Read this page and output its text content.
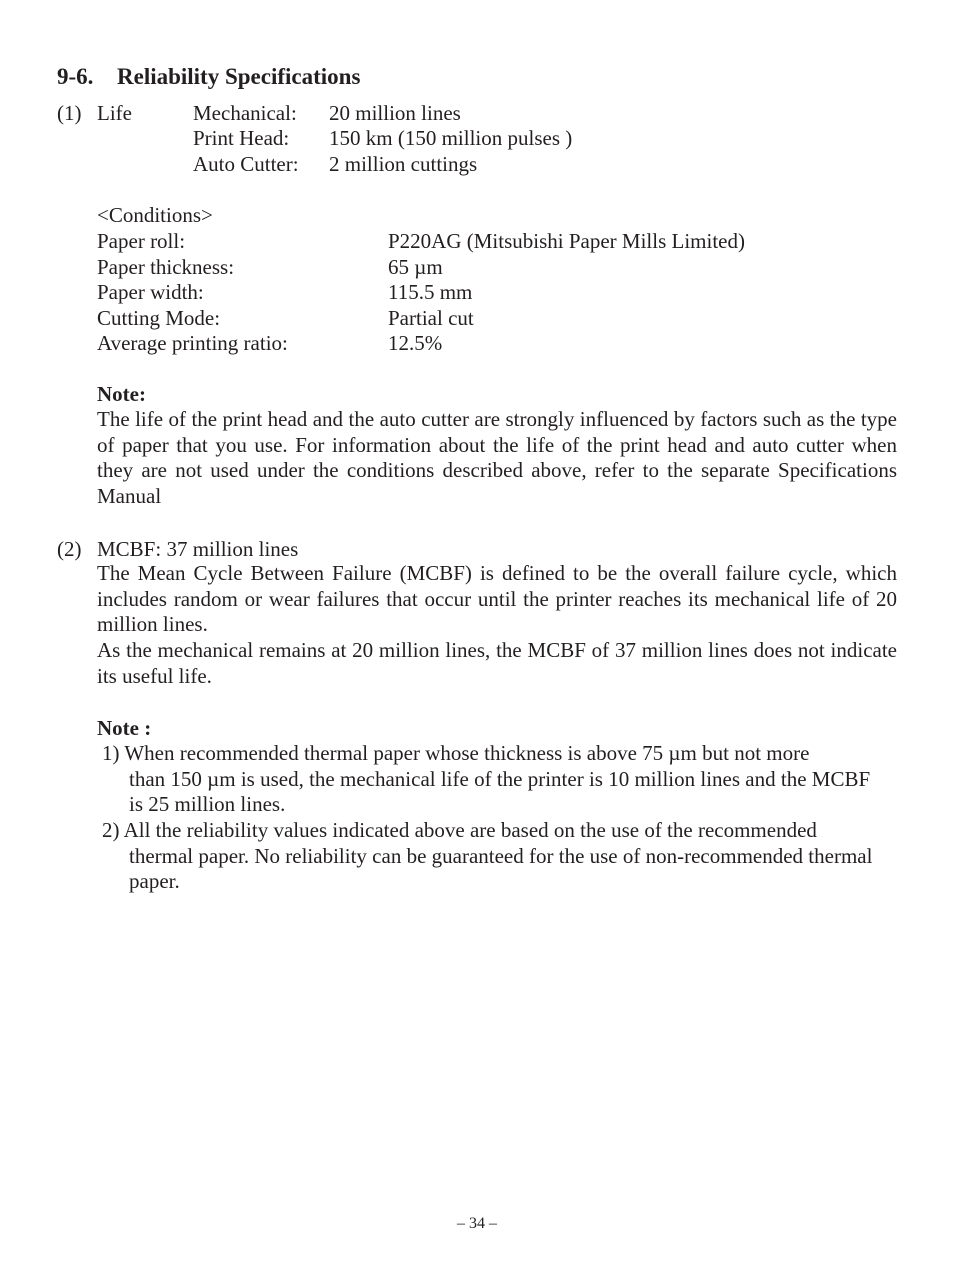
9-6. Reliability Specifications
(1) Life	Mechanical: 20 million lines
Print Head: 150 km (150 million pulses )
Auto Cutter: 2 million cuttings
<Conditions>
Paper roll:	P220AG (Mitsubishi Paper Mills Limited)
Paper thickness:	65 µm
Paper width:	115.5 mm
Cutting Mode:	Partial cut
Average printing ratio:	12.5%
Note:
The life of the print head and the auto cutter are strongly influenced by factors such as the type of paper that you use. For information about the life of the print head and auto cutter when they are not used under the conditions described above, refer to the separate Specifications Manual
(2) MCBF: 37 million lines
The Mean Cycle Between Failure (MCBF) is defined to be the overall failure cycle, which includes random or wear failures that occur until the printer reaches its mechanical life of 20 million lines.
As the mechanical remains at 20 million lines, the MCBF of 37 million lines does not indicate its useful life.
Note :
1) When recommended thermal paper whose thickness is above 75 µm but not more
than 150 µm is used, the mechanical life of the printer is 10 million lines and the MCBF is 25 million lines.
2) All the reliability values indicated above are based on the use of the recommended
thermal paper. No reliability can be guaranteed for the use of non-recommended thermal paper.
– 34 –
